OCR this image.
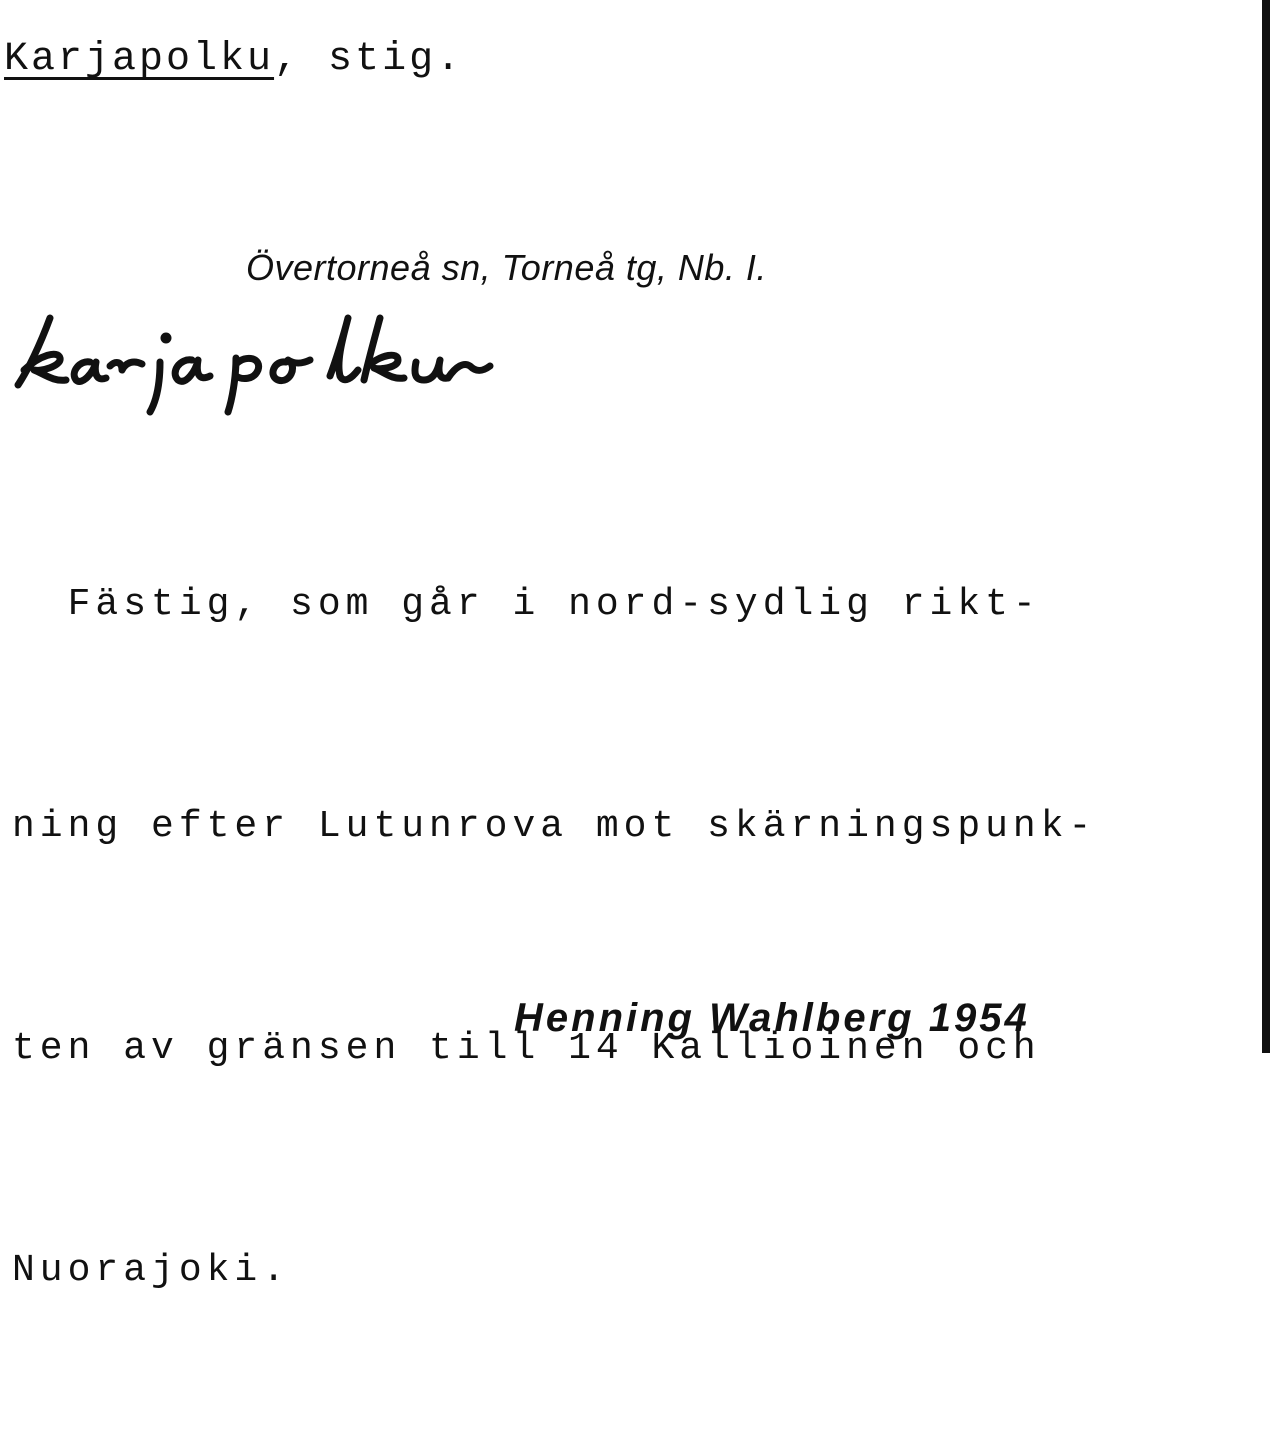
Karjapolku, stig.
Övertorneå sn, Torneå tg, Nb. I.

Fästig, som går i nord-sydlig rikt-

ning efter Lutunrova mot skärningspunk-

ten av gränsen till 14 Kallioinen och

Nuorajoki.

Henning Wahlberg 1954
